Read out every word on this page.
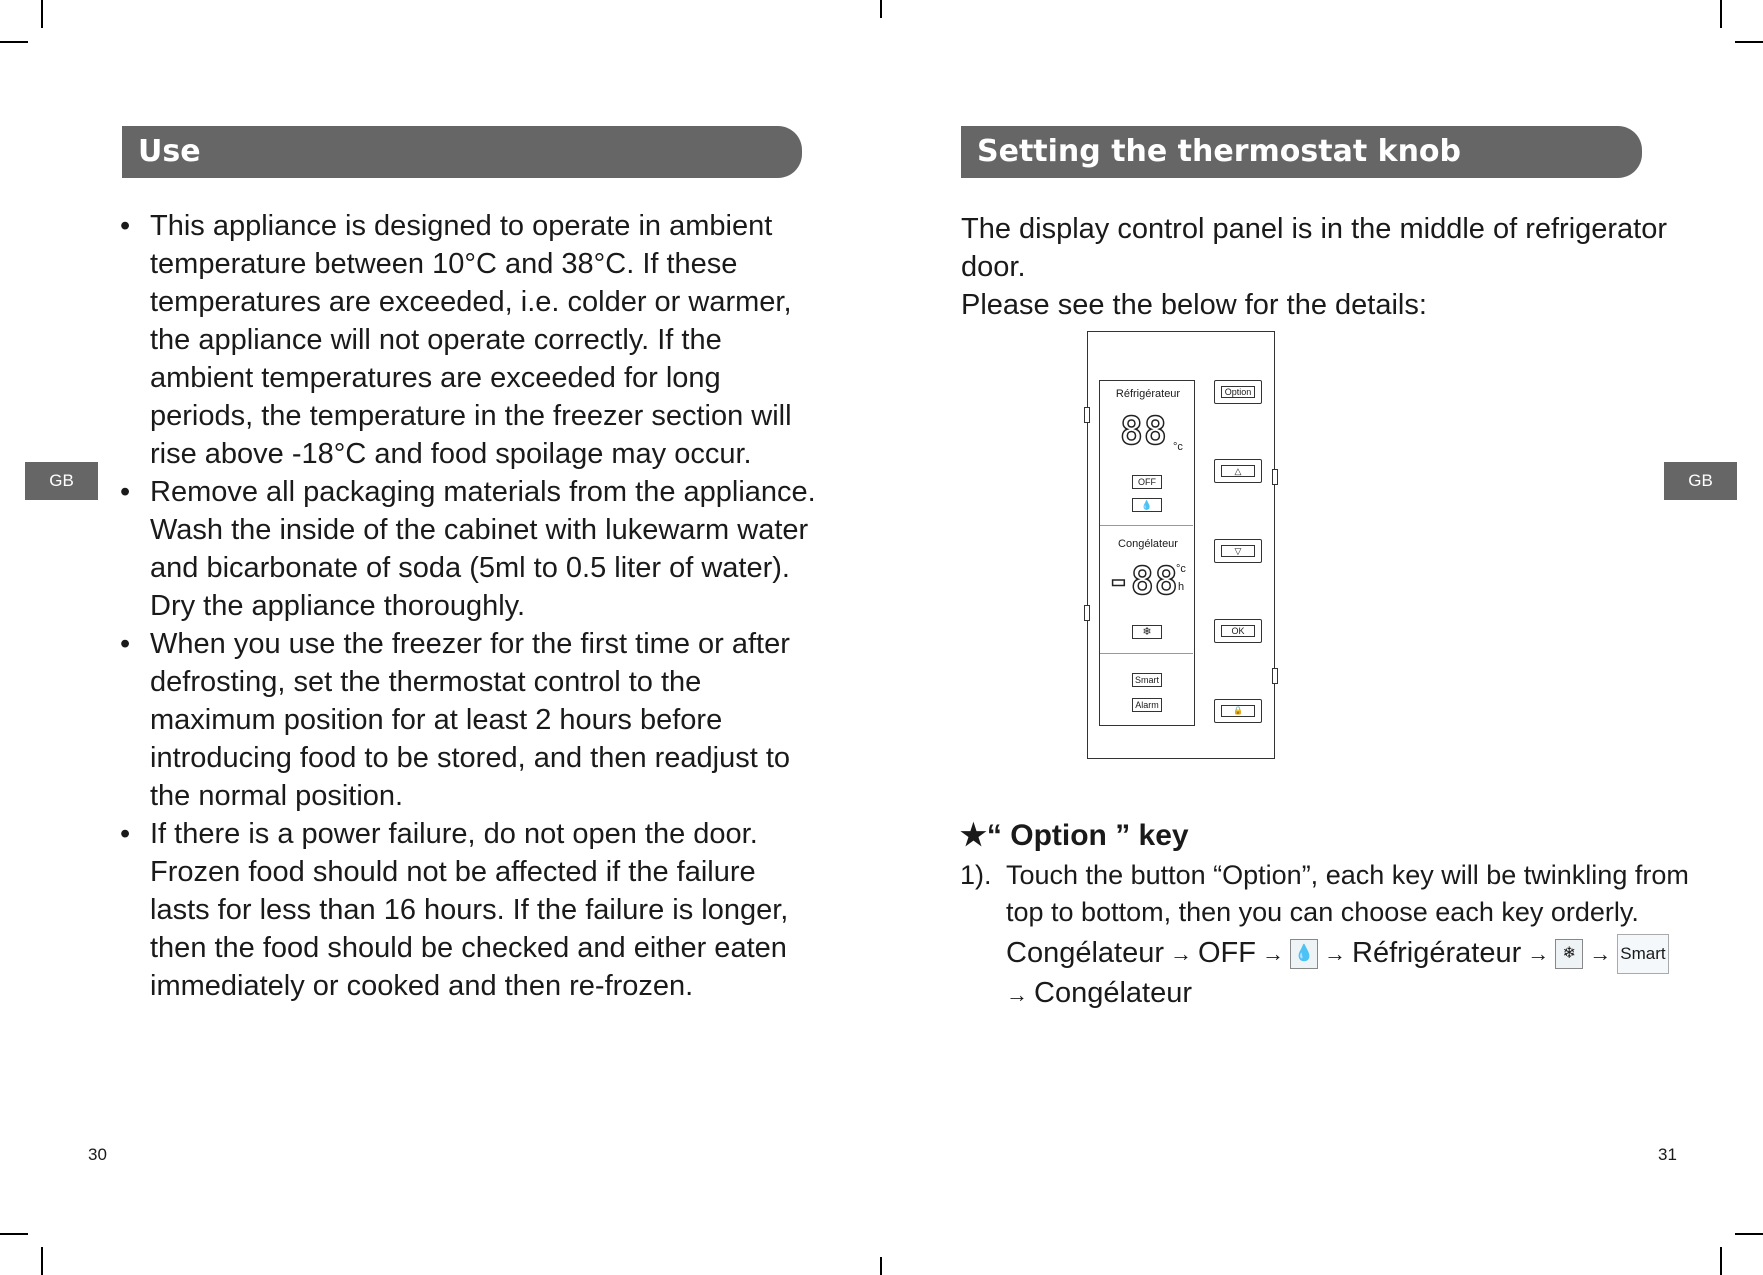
Use
GB
• This appliance is designed to operate in ambient temperature between 10°C and 38°C. If these temperatures are exceeded, i.e. colder or warmer, the appliance will not operate correctly. If the ambient temperatures are exceeded for long periods, the temperature in the freezer section will rise above -18°C and food spoilage may occur.
• Remove all packaging materials from the appliance. Wash the inside of the cabinet with lukewarm water and bicarbonate of soda (5ml to 0.5 liter of water). Dry the appliance thoroughly.
• When you use the freezer for the first time or after defrosting, set the thermostat control to the maximum position for at least 2 hours before introducing food to be stored, and then readjust to the normal position.
• If there is a power failure, do not open the door. Frozen food should not be affected if the failure lasts for less than 16 hours. If the failure is longer, then the food should be checked and either eaten immediately or cooked and then re-frozen.
30
Setting the thermostat knob
GB
The display control panel is in the middle of refrigerator door.
Please see the below for the details:
Réfrigérateur
88 °c
OFF
💧
Congélateur
-88
°c
h
❄
Smart
Alarm
Option
△
▽
OK
🔒
★“ Option ” key
1). Touch the button “Option”, each key will be twinkling from top to bottom, then you can choose each key orderly.
Congélateur → OFF → 💧 → Réfrigérateur → ❄ → Smart
→ Congélateur
31
